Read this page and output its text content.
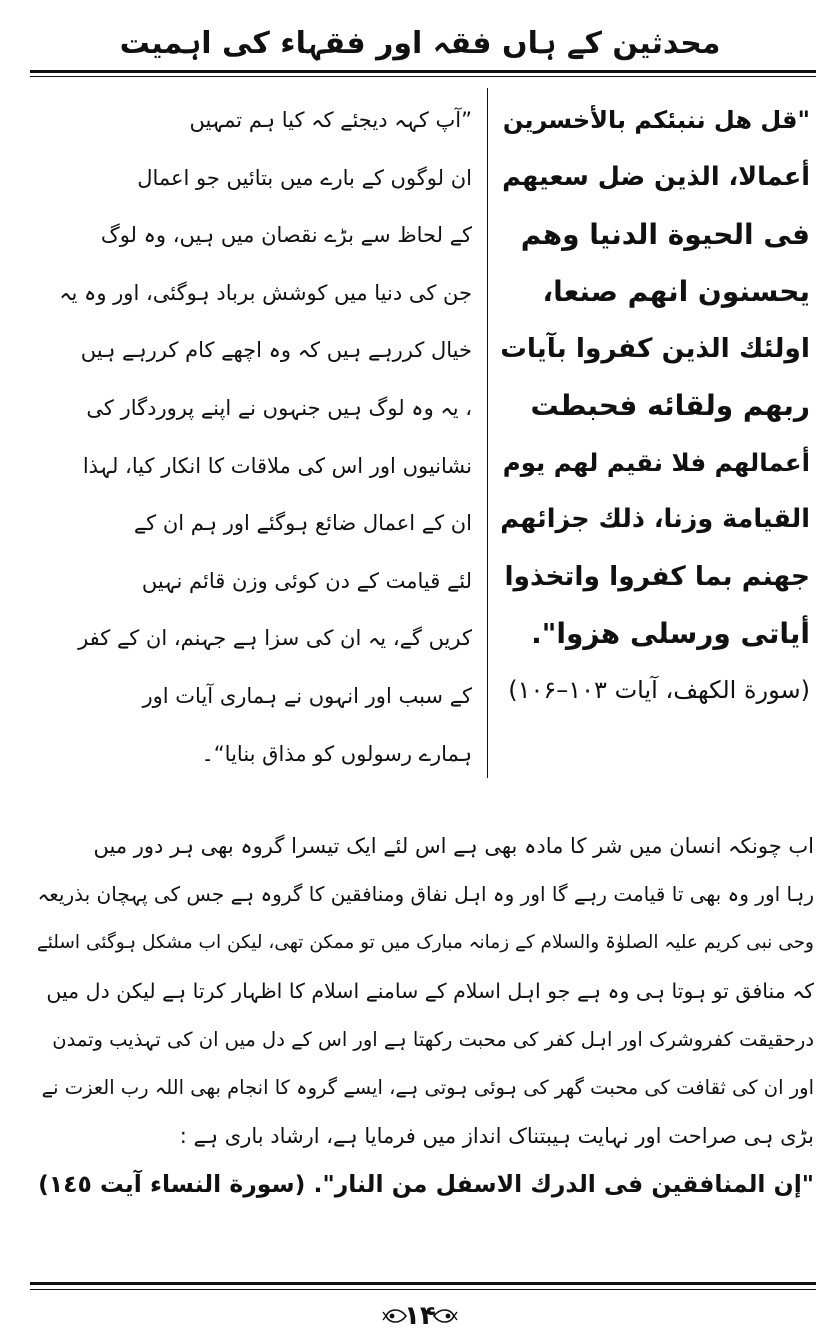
محدثین کے ہاں فقہ اور فقہاء کی اہمیت
"قل هل ننبئكم بالأخسرين
أعمالا، الذين ضل سعيهم
فى الحيوة الدنيا وهم
يحسنون انهم صنعا،
اولئك الذين كفروا بآيات
ربهم ولقائه فحبطت
أعمالهم فلا نقيم لهم يوم
القيامة وزنا، ذلك جزائهم
جهنم بما كفروا واتخذوا
أياتى ورسلى هزوا".
(سورة الكهف، آیات ۱۰۳–۱۰۶)
”آپ کہہ دیجئے کہ کیا ہم تمہیں
ان لوگوں کے بارے میں بتائیں جو اعمال
کے لحاظ سے بڑے نقصان میں ہیں، وہ لوگ
جن کی دنیا میں کوشش برباد ہوگئی، اور وہ یہ
خیال کررہے ہیں کہ وہ اچھے کام کررہے ہیں
، یہ وہ لوگ ہیں جنہوں نے اپنے پروردگار کی
نشانیوں اور اس کی ملاقات کا انکار کیا، لہذا
ان کے اعمال ضائع ہوگئے اور ہم ان کے
لئے قیامت کے دن کوئی وزن قائم نہیں
کریں گے، یہ ان کی سزا ہے جہنم، ان کے کفر
کے سبب اور انہوں نے ہماری آیات اور
ہمارے رسولوں کو مذاق بنایا“۔
اب چونکہ انسان میں شر کا مادہ بھی ہے اس لئے ایک تیسرا گروہ بھی ہر دور میں
رہا اور وہ بھی تا قیامت رہے گا اور وہ اہل نفاق ومنافقین کا گروہ ہے جس کی پہچان بذریعہ
وحی نبی کریم علیہ الصلوٰۃ والسلام کے زمانہ مبارک میں تو ممکن تھی، لیکن اب مشکل ہوگئی اسلئے
کہ منافق تو ہوتا ہی وہ ہے جو اہل اسلام کے سامنے اسلام کا اظہار کرتا ہے لیکن دل میں
درحقیقت کفروشرک اور اہل کفر کی محبت رکھتا ہے اور اس کے دل میں ان کی تہذیب وتمدن
اور ان کی ثقافت کی محبت گھر کی ہوئی ہوتی ہے، ایسے گروہ کا انجام بھی اللہ رب العزت نے
بڑی ہی صراحت اور نہایت ہیبتناک انداز میں فرمایا ہے، ارشاد باری ہے :
"إن المنافقين فى الدرك الاسفل من النار". (سورة النساء آیت ۱٤٥)
۱۴
